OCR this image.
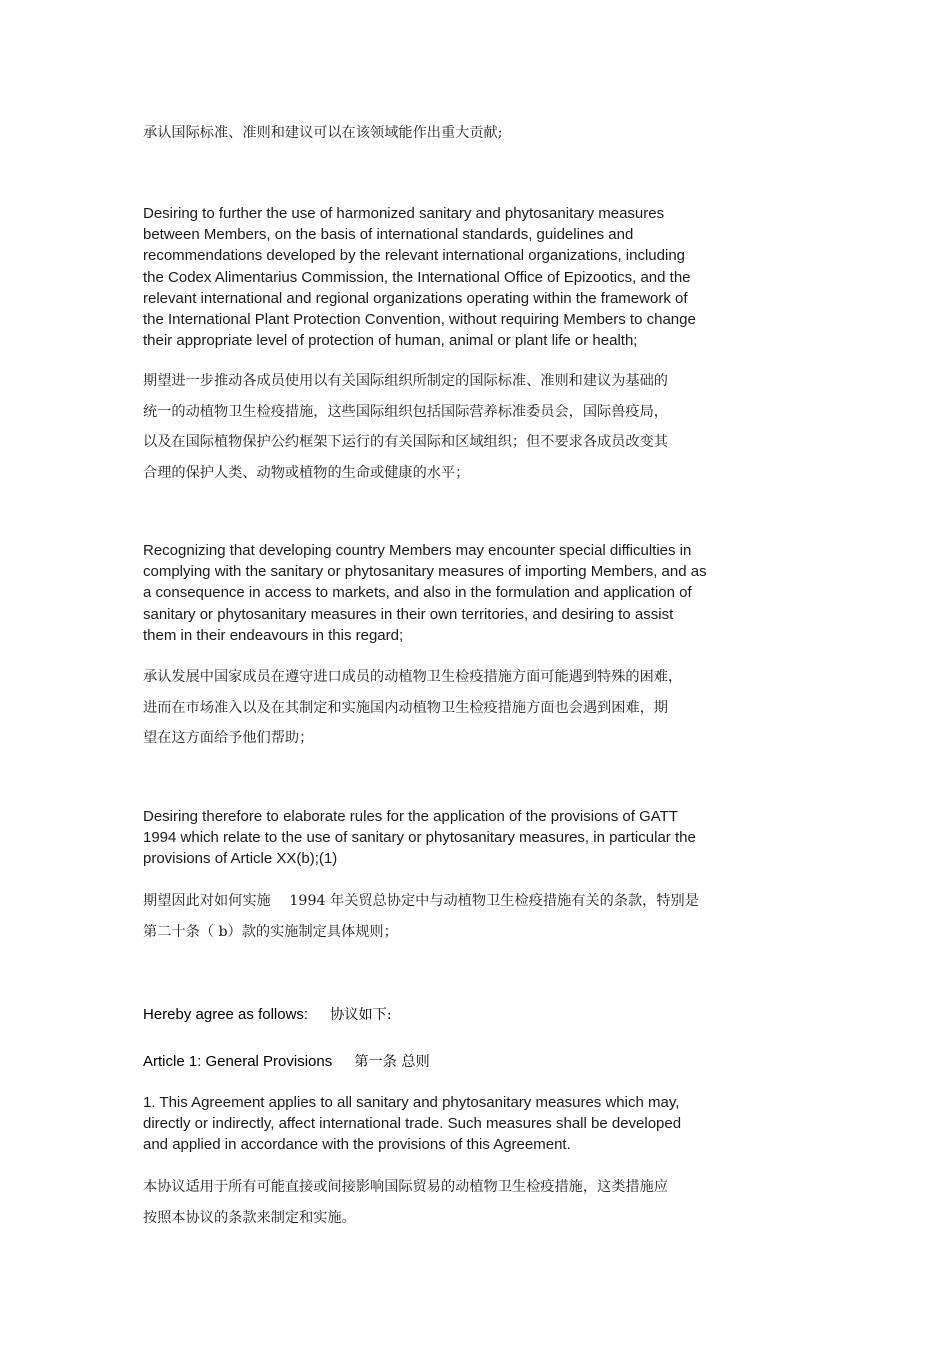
承认国际标准、准则和建议可以在该领域能作出重大贡献;
Desiring to further the use of harmonized sanitary and phytosanitary measures
between Members, on the basis of international standards, guidelines and
recommendations developed by the relevant international organizations, including
the Codex Alimentarius Commission, the International Office of Epizootics, and the
relevant international and regional organizations operating within the framework of
the International Plant Protection Convention, without requiring Members to change
their appropriate level of protection of human, animal or plant life or health;
期望进一步推动各成员使用以有关国际组织所制定的国际标准、准则和建议为基础的
统一的动植物卫生检疫措施，这些国际组织包括国际营养标准委员会，国际兽疫局，
以及在国际植物保护公约框架下运行的有关国际和区域组织；但不要求各成员改变其
合理的保护人类、动物或植物的生命或健康的水平；
Recognizing that developing country Members may encounter special difficulties in
complying with the sanitary or phytosanitary measures of importing Members, and as
a consequence in access to markets, and also in the formulation and application of
sanitary or phytosanitary measures in their own territories, and desiring to assist
them in their endeavours in this regard;
承认发展中国家成员在遵守进口成员的动植物卫生检疫措施方面可能遇到特殊的困难，
进而在市场准入以及在其制定和实施国内动植物卫生检疫措施方面也会遇到困难，期
望在这方面给予他们帮助；
Desiring therefore to elaborate rules for the application of the provisions of GATT
1994 which relate to the use of sanitary or phytosanitary measures, in particular the
provisions of Article XX(b);(1)
期望因此对如何实施　 1994 年关贸总协定中与动植物卫生检疫措施有关的条款，特别是
第二十条（ b）款的实施制定具体规则；
Hereby agree as follows: 协议如下:
Article 1: General Provisions 第一条 总则
1. This Agreement applies to all sanitary and phytosanitary measures which may,
directly or indirectly, affect international trade. Such measures shall be developed
and applied in accordance with the provisions of this Agreement.
本协议适用于所有可能直接或间接影响国际贸易的动植物卫生检疫措施，这类措施应
按照本协议的条款来制定和实施。
